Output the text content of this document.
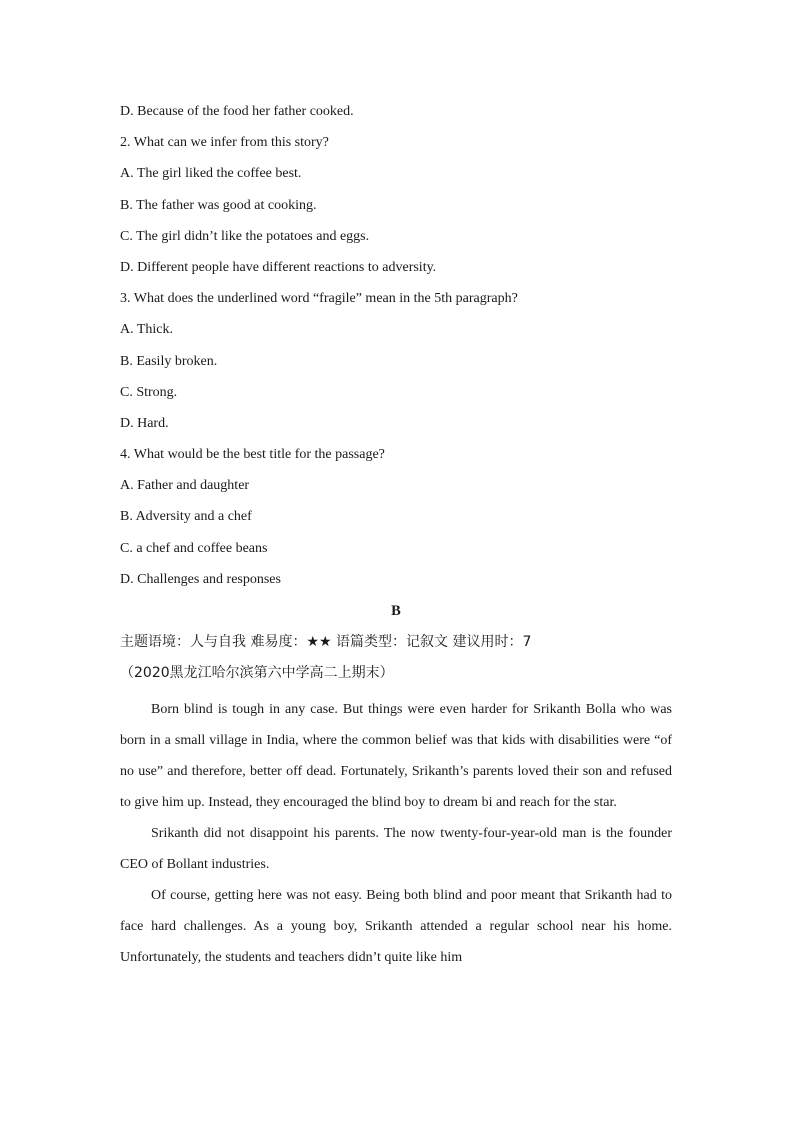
D. Because of the food her father cooked.
2. What can we infer from this story?
A. The girl liked the coffee best.
B. The father was good at cooking.
C. The girl didn’t like the potatoes and eggs.
D. Different people have different reactions to adversity.
3. What does the underlined word “fragile” mean in the 5th paragraph?
A. Thick.
B. Easily broken.
C. Strong.
D. Hard.
4. What would be the best title for the passage?
A. Father and daughter
B. Adversity and a chef
C. a chef and coffee beans
D. Challenges and responses
B
主题语境：人与自我 难易度：★★ 语篇类型：记叙文 建议用时：7
（2020黑龙江哈尔滨第六中学高二上期末）

Born blind is tough in any case. But things were even harder for Srikanth Bolla who was born in a small village in India, where the common belief was that kids with disabilities were “of no use” and therefore, better off dead. Fortunately, Srikanth’s parents loved their son and refused to give him up. Instead, they encouraged the blind boy to dream bi and reach for the star.

Srikanth did not disappoint his parents. The now twenty-four-year-old man is the founder CEO of Bollant industries.

Of course, getting here was not easy. Being both blind and poor meant that Srikanth had to face hard challenges. As a young boy, Srikanth attended a regular school near his home. Unfortunately, the students and teachers didn’t quite like him
